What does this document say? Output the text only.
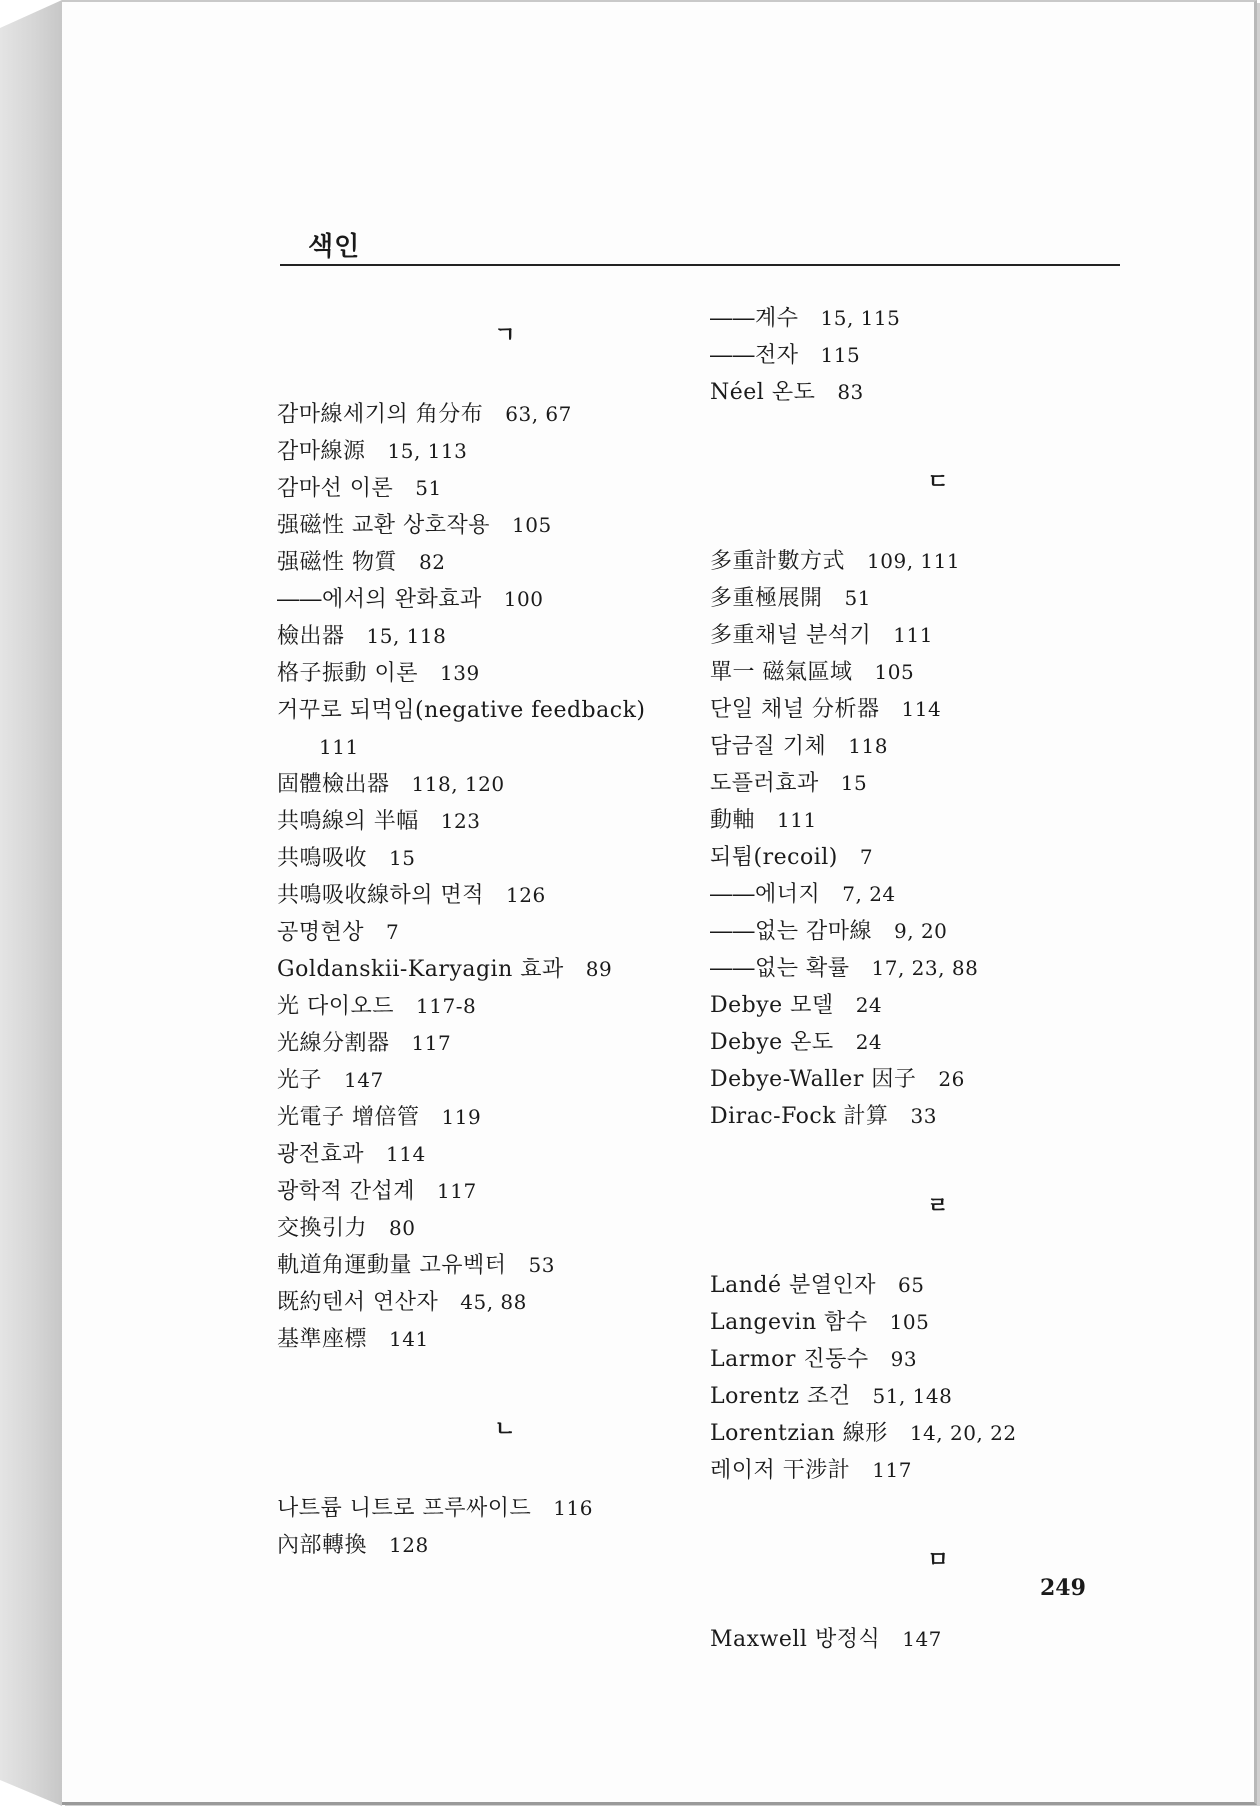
색인
ㄱ
감마線세기의 角分布 63, 67
감마線源 15, 113
감마선 이론 51
强磁性 교환 상호작용 105
强磁性 物質 82
――에서의 완화효과 100
檢出器 15, 118
格子振動 이론 139
거꾸로 되먹임(negative feedback)
111
固體檢出器 118, 120
共鳴線의 半幅 123
共鳴吸收 15
共鳴吸收線하의 면적 126
공명현상 7
Goldanskii-Karyagin 효과 89
光 다이오드 117-8
光線分割器 117
光子 147
光電子 增倍管 119
광전효과 114
광학적 간섭계 117
交換引力 80
軌道角運動量 고유벡터 53
既約텐서 연산자 45, 88
基準座標 141
ㄴ
나트륨 니트로 프루싸이드 116
內部轉換 128
――계수 15, 115
――전자 115
Néel 온도 83
ㄷ
多重計數方式 109, 111
多重極展開 51
多重채널 분석기 111
單一 磁氣區域 105
단일 채널 分析器 114
담금질 기체 118
도플러효과 15
動軸 111
되튐(recoil) 7
――에너지 7, 24
――없는 감마線 9, 20
――없는 확률 17, 23, 88
Debye 모델 24
Debye 온도 24
Debye-Waller 因子 26
Dirac-Fock 計算 33
ㄹ
Landé 분열인자 65
Langevin 함수 105
Larmor 진동수 93
Lorentz 조건 51, 148
Lorentzian 線形 14, 20, 22
레이저 干涉計 117
ㅁ
Maxwell 방정식 147
249
